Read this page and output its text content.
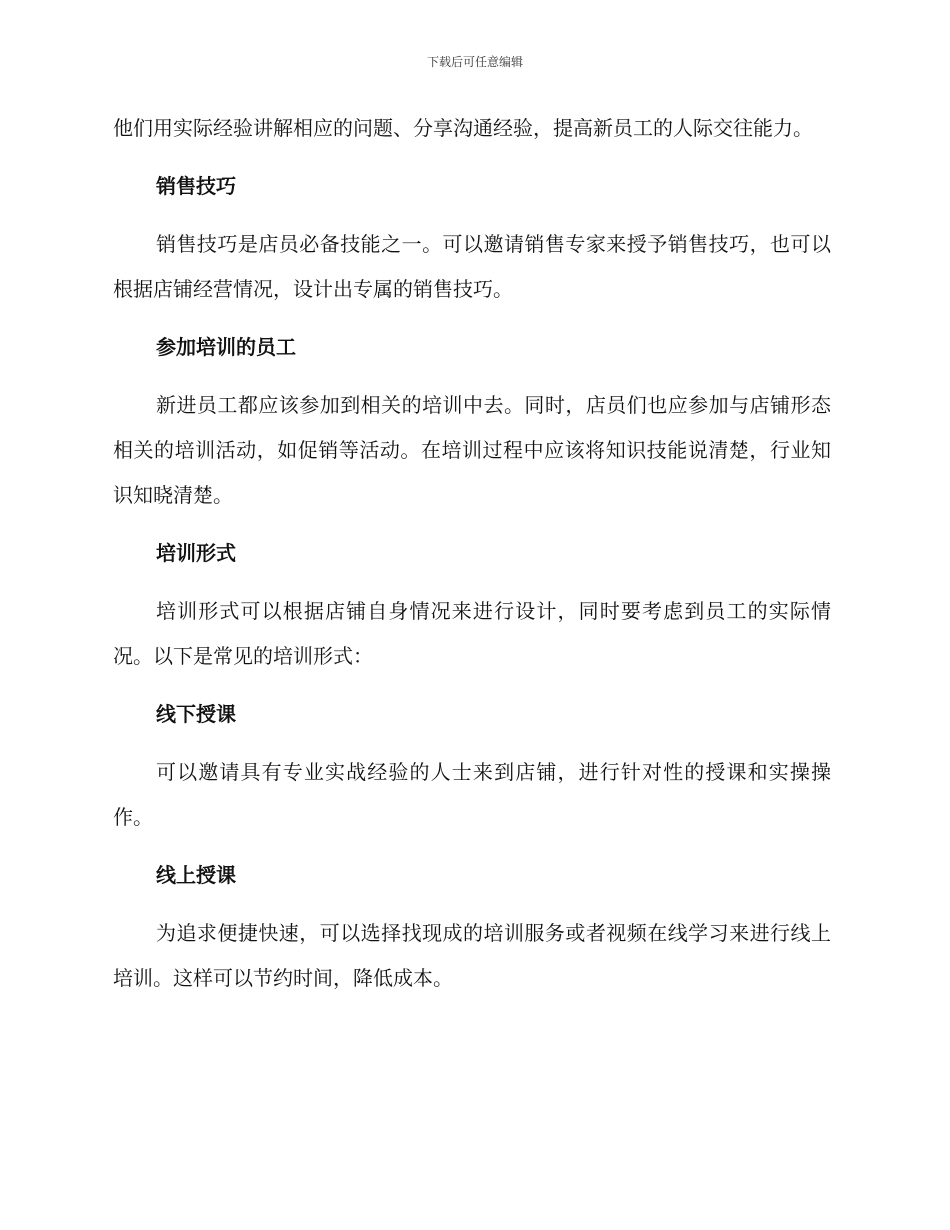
下载后可任意编辑

他们用实际经验讲解相应的问题、分享沟通经验，提高新员工的人际交往能力。

销售技巧

销售技巧是店员必备技能之一。可以邀请销售专家来授予销售技巧，也可以根据店铺经营情况，设计出专属的销售技巧。

参加培训的员工

新进员工都应该参加到相关的培训中去。同时，店员们也应参加与店铺形态相关的培训活动，如促销等活动。在培训过程中应该将知识技能说清楚，行业知识知晓清楚。

培训形式

培训形式可以根据店铺自身情况来进行设计，同时要考虑到员工的实际情况。以下是常见的培训形式：

线下授课

可以邀请具有专业实战经验的人士来到店铺，进行针对性的授课和实操操作。

线上授课

为追求便捷快速，可以选择找现成的培训服务或者视频在线学习来进行线上培训。这样可以节约时间，降低成本。
